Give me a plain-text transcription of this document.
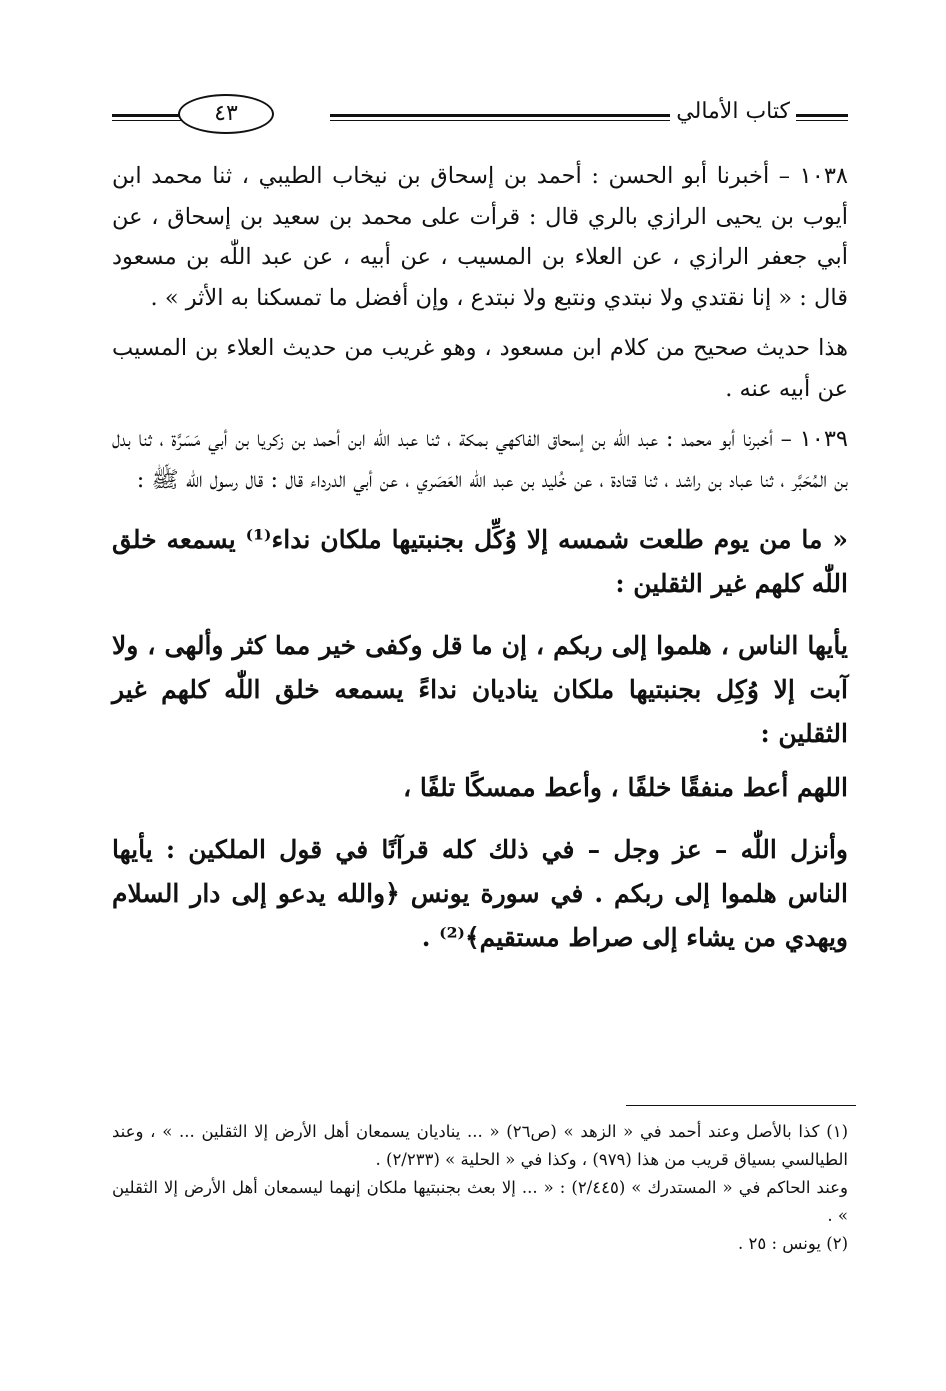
٤٣	كتاب الأمالي

١٠٣٨ – أخبرنا أبو الحسن : أحمد بن إسحاق بن نيخاب الطيبي ، ثنا محمد ابن أيوب بن يحيى الرازي بالري قال : قرأت على محمد بن سعيد بن إسحاق ، عن أبي جعفر الرازي ، عن العلاء بن المسيب ، عن أبيه ، عن عبد اللّٰه بن مسعود قال : « إنا نقتدي ولا نبتدي ونتبع ولا نبتدع ، وإن أفضل ما تمسكنا به الأثر » .

هذا حديث صحيح من كلام ابن مسعود ، وهو غريب من حديث العلاء بن المسيب عن أبيه عنه .

١٠٣٩ – أخبرنا أبو محمد : عبد اللّٰه بن إسحاق الفاكهي بمكة ، ثنا عبد اللّٰه ابن أحمد بن زكريا بن أبي مَسَرَّة ، ثنا بدل بن المُحَبَّر ، ثنا عباد بن راشد ، ثنا قتادة ، عن خُليد بن عبد اللّٰه العَصَري ، عن أبي الدرداء قال : قال رسول اللّٰه ﷺ :

« ما من يوم طلعت شمسه إلا وُكِّل بجنبتيها ملكان نداء⁽¹⁾ يسمعه خلق اللّٰه كلهم غير الثقلين :

يأيها الناس ، هلموا إلى ربكم ، إن ما قل وكفى خير مما كثر وألهى ، ولا آبت إلا وُكِل بجنبتيها ملكان يناديان نداءً يسمعه خلق اللّٰه كلهم غير الثقلين :

اللهم أعط منفقًا خلفًا ، وأعط ممسكًا تلفًا ،

وأنزل اللّٰه – عز وجل – في ذلك كله قرآنًا في قول الملكين : يأيها الناس هلموا إلى ربكم . في سورة يونس ﴿والله يدعو إلى دار السلام ويهدي من يشاء إلى صراط مستقيم﴾⁽²⁾ .

(١) كذا بالأصل وعند أحمد في « الزهد » (ص٢٦) « ... يناديان يسمعان أهل الأرض إلا الثقلين ... » ، وعند الطيالسي بسياق قريب من هذا (٩٧٩) ، وكذا في « الحلية » (٢/٢٣٣) .

وعند الحاكم في « المستدرك » (٢/٤٤٥) : « ... إلا بعث بجنبتيها ملكان إنهما ليسمعان أهل الأرض إلا الثقلين » .

(٢) يونس : ٢٥ .
